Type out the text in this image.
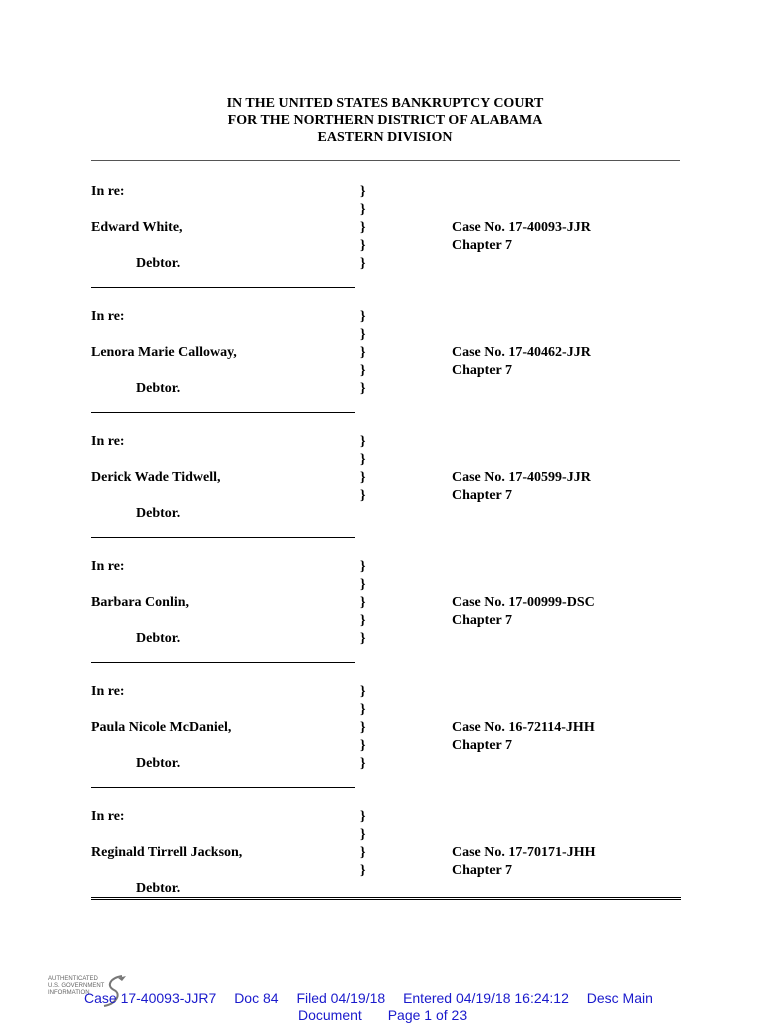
IN THE UNITED STATES BANKRUPTCY COURT
FOR THE NORTHERN DISTRICT OF ALABAMA
EASTERN DIVISION
In re:
Edward White,
Debtor.
Case No. 17-40093-JJR
Chapter 7
}
}
}
}
}
In re:
Lenora Marie Calloway,
Debtor.
Case No. 17-40462-JJR
Chapter 7
}
}
}
}
}
In re:
Derick Wade Tidwell,
Debtor.
Case No. 17-40599-JJR
Chapter 7
}
}
}
}
In re:
Barbara Conlin,
Debtor.
Case No. 17-00999-DSC
Chapter 7
}
}
}
}
}
In re:
Paula Nicole McDaniel,
Debtor.
Case No. 16-72114-JHH
Chapter 7
}
}
}
}
}
In re:
Reginald Tirrell Jackson,
Debtor.
Case No. 17-70171-JHH
Chapter 7
}
}
}
}
AUTHENTICATED
U.S. GOVERNMENT
INFORMATION
Case 17-40093-JJR7 Doc 84 Filed 04/19/18 Entered 04/19/18 16:24:12 Desc Main
Document Page 1 of 23
